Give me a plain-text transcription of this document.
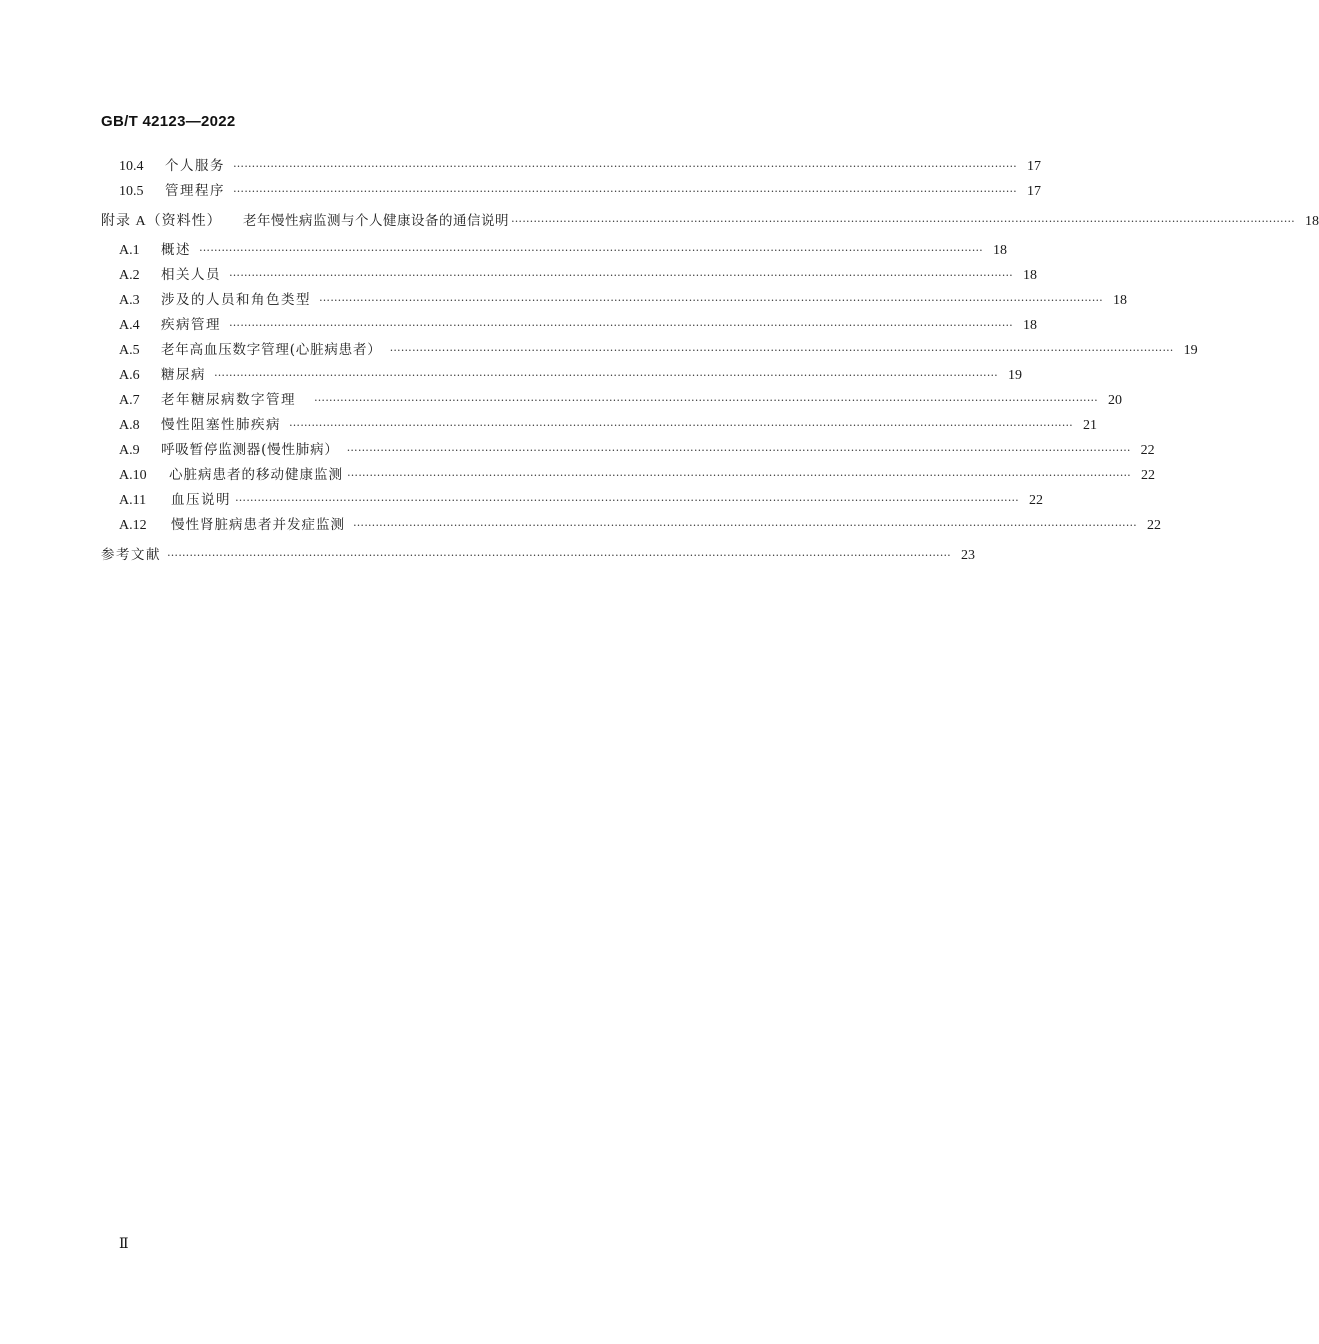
GB/T 42123—2022
10.4	个人服务 ………………………………………………………………………………………………………………………………………………………………………………………… 17
10.5	管理程序 ………………………………………………………………………………………………………………………………………………………………………………………… 17
附录 A（资料性）	老年慢性病监测与个人健康设备的通信说明 ………………………………………………………………………………………………………………………………………………………………………………………… 18
A.1	概述 ………………………………………………………………………………………………………………………………………………………………………………………… 18
A.2	相关人员 ………………………………………………………………………………………………………………………………………………………………………………………… 18
A.3	涉及的人员和角色类型 ………………………………………………………………………………………………………………………………………………………………………………………… 18
A.4	疾病管理 ………………………………………………………………………………………………………………………………………………………………………………………… 18
A.5	老年高血压数字管理(心脏病患者） ………………………………………………………………………………………………………………………………………………………………………………………… 19
A.6	糖尿病 ………………………………………………………………………………………………………………………………………………………………………………………… 19
A.7	老年糖尿病数字管理 ………………………………………………………………………………………………………………………………………………………………………………………… 20
A.8	慢性阻塞性肺疾病 ………………………………………………………………………………………………………………………………………………………………………………………… 21
A.9	呼吸暂停监测器(慢性肺病） ………………………………………………………………………………………………………………………………………………………………………………………… 22
A.10	心脏病患者的移动健康监测 ………………………………………………………………………………………………………………………………………………………………………………………… 22
A.11	血压说明 ………………………………………………………………………………………………………………………………………………………………………………………… 22
A.12	慢性肾脏病患者并发症监测 ………………………………………………………………………………………………………………………………………………………………………………………… 22
参考文献 ………………………………………………………………………………………………………………………………………………………………………………………… 23
Ⅱ
